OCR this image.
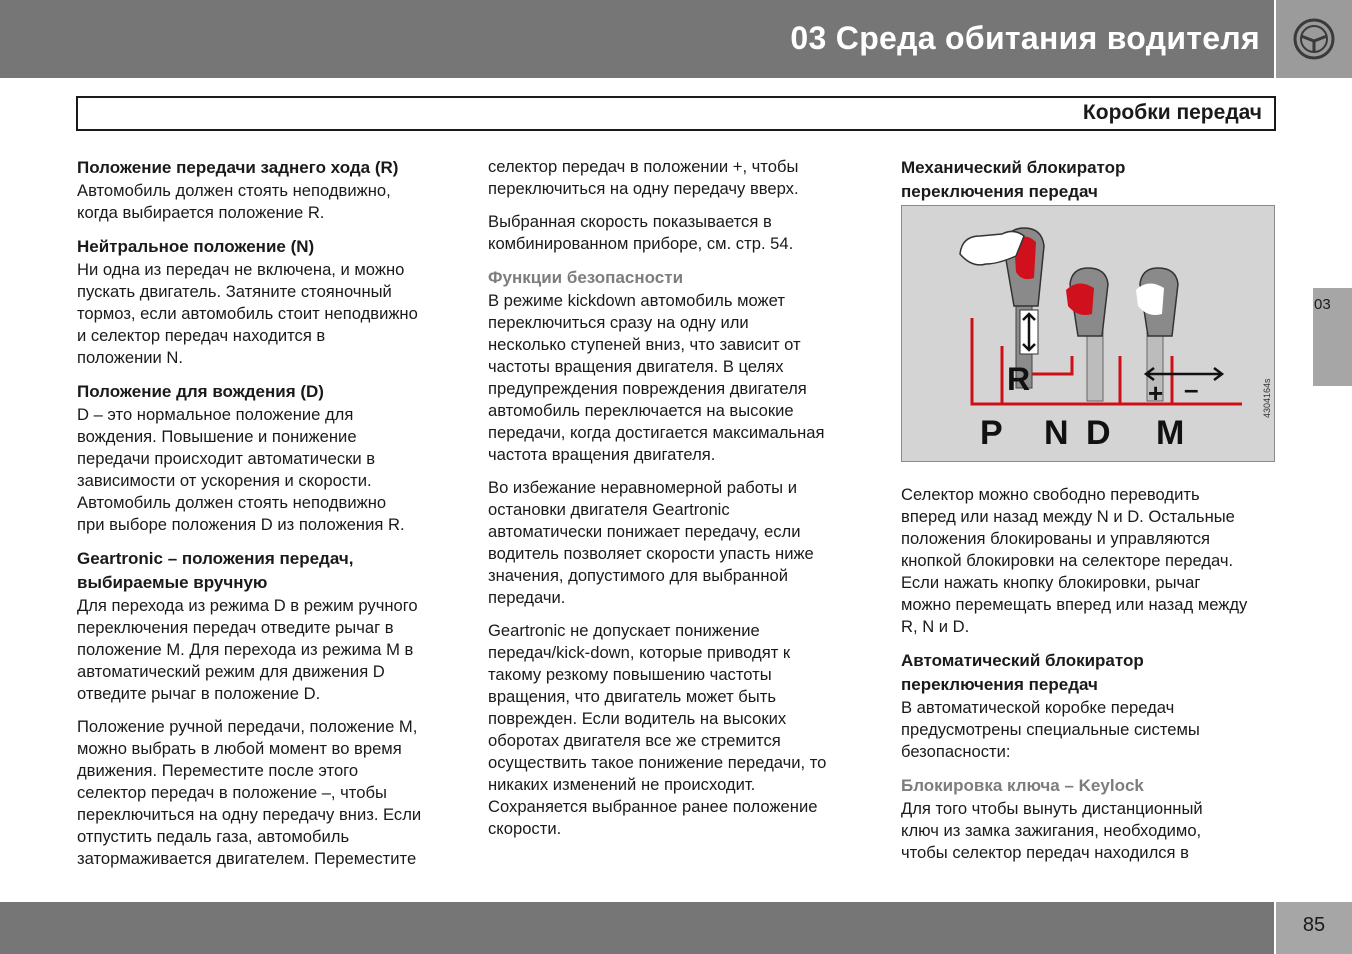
03 Среда обитания водителя
Коробки передач
03
Положение передачи заднего хода (R)

Автомобиль должен стоять неподвижно,
когда выбирается положение R.

Нейтральное положение (N)

Ни одна из передач не включена, и можно
пускать двигатель. Затяните стояночный
тормоз, если автомобиль стоит неподвижно
и селектор передач находится в
положении N.

Положение для вождения (D)

D – это нормальное положение для
вождения. Повышение и понижение
передачи происходит автоматически в
зависимости от ускорения и скорости.
Автомобиль должен стоять неподвижно
при выборе положения D из положения R.

Geartronic – положения передач,
выбираемые вручную

Для перехода из режима D в режим ручного
переключения передач отведите рычаг в
положение M. Для перехода из режима M в
автоматический режим для движения D
отведите рычаг в положение D.

Положение ручной передачи, положение M,
можно выбрать в любой момент во время
движения. Переместите после этого
селектор передач в положение –, чтобы
переключиться на одну передачу вниз. Если
отпустить педаль газа, автомобиль
затормаживается двигателем. Переместите

селектор передач в положении +, чтобы
переключиться на одну передачу вверх.

Выбранная скорость показывается в
комбинированном приборе, см. стр. 54.

Функции безопасности

В режиме kickdown автомобиль может
переключиться сразу на одну или
несколько ступеней вниз, что зависит от
частоты вращения двигателя. В целях
предупреждения повреждения двигателя
автомобиль переключается на высокие
передачи, когда достигается максимальная
частота вращения двигателя.

Во избежание неравномерной работы и
остановки двигателя Geartronic
автоматически понижает передачу, если
водитель позволяет скорости упасть ниже
значения, допустимого для выбранной
передачи.

Geartronic не допускает понижение
передач/kick-down, которые приводят к
такому резкому повышению частоты
вращения, что двигатель может быть
поврежден. Если водитель на высоких
оборотах двигателя все же стремится
осуществить такое понижение передачи, то
никаких изменений не происходит.
Сохраняется выбранное ранее положение
скорости.

Механический блокиратор
переключения передач
R	+ –
P N D M
4304164s

Селектор можно свободно переводить
вперед или назад между N и D. Остальные
положения блокированы и управляются
кнопкой блокировки на селекторе передач.
Если нажать кнопку блокировки, рычаг
можно перемещать вперед или назад между
R, N и D.

Автоматический блокиратор
переключения передач

В автоматической коробке передач
предусмотрены специальные системы
безопасности:

Блокировка ключа – Keylock

Для того чтобы вынуть дистанционный
ключ из замка зажигания, необходимо,
чтобы селектор передач находился в

85
